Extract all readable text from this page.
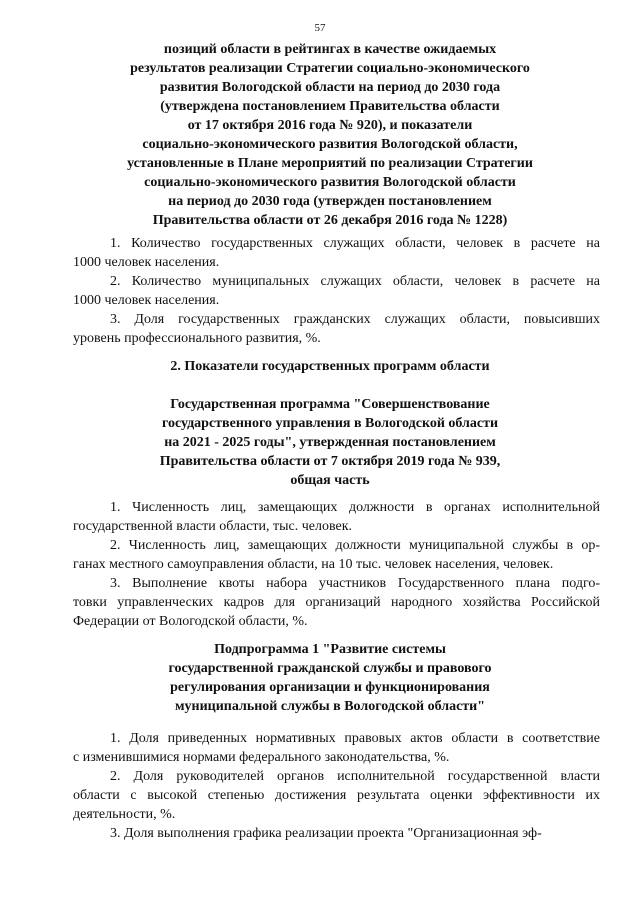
57
позиций области в рейтингах в качестве ожидаемых
результатов реализации Стратегии социально-экономического
развития Вологодской области на период до 2030 года
(утверждена постановлением Правительства области
от 17 октября 2016 года № 920), и показатели
социально-экономического развития Вологодской области,
установленные в Плане мероприятий по реализации Стратегии
социально-экономического развития Вологодской области
на период до 2030 года (утвержден постановлением
Правительства области от 26 декабря 2016 года № 1228)
1. Количество государственных служащих области, человек в расчете на
1000 человек населения.
2. Количество муниципальных служащих области, человек в расчете на
1000 человек населения.
3. Доля государственных гражданских служащих области, повысивших
уровень профессионального развития, %.
2. Показатели государственных программ области
Государственная программа "Совершенствование
государственного управления в Вологодской области
на 2021 - 2025 годы", утвержденная постановлением
Правительства области от 7 октября 2019 года № 939,
общая часть
1. Численность лиц, замещающих должности в органах исполнительной
государственной власти области, тыс. человек.
2. Численность лиц, замещающих должности муниципальной службы в ор-
ганах местного самоуправления области, на 10 тыс. человек населения, человек.
3. Выполнение квоты набора участников Государственного плана подго-
товки управленческих кадров для организаций народного хозяйства Российской
Федерации от Вологодской области, %.
Подпрограмма 1 "Развитие системы
государственной гражданской службы и правового
регулирования организации и функционирования
муниципальной службы в Вологодской области"
1. Доля приведенных нормативных правовых актов области в соответствие
с изменившимися нормами федерального законодательства, %.
2. Доля руководителей органов исполнительной государственной власти
области с высокой степенью достижения результата оценки эффективности их
деятельности, %.
3. Доля выполнения графика реализации проекта "Организационная эф-
